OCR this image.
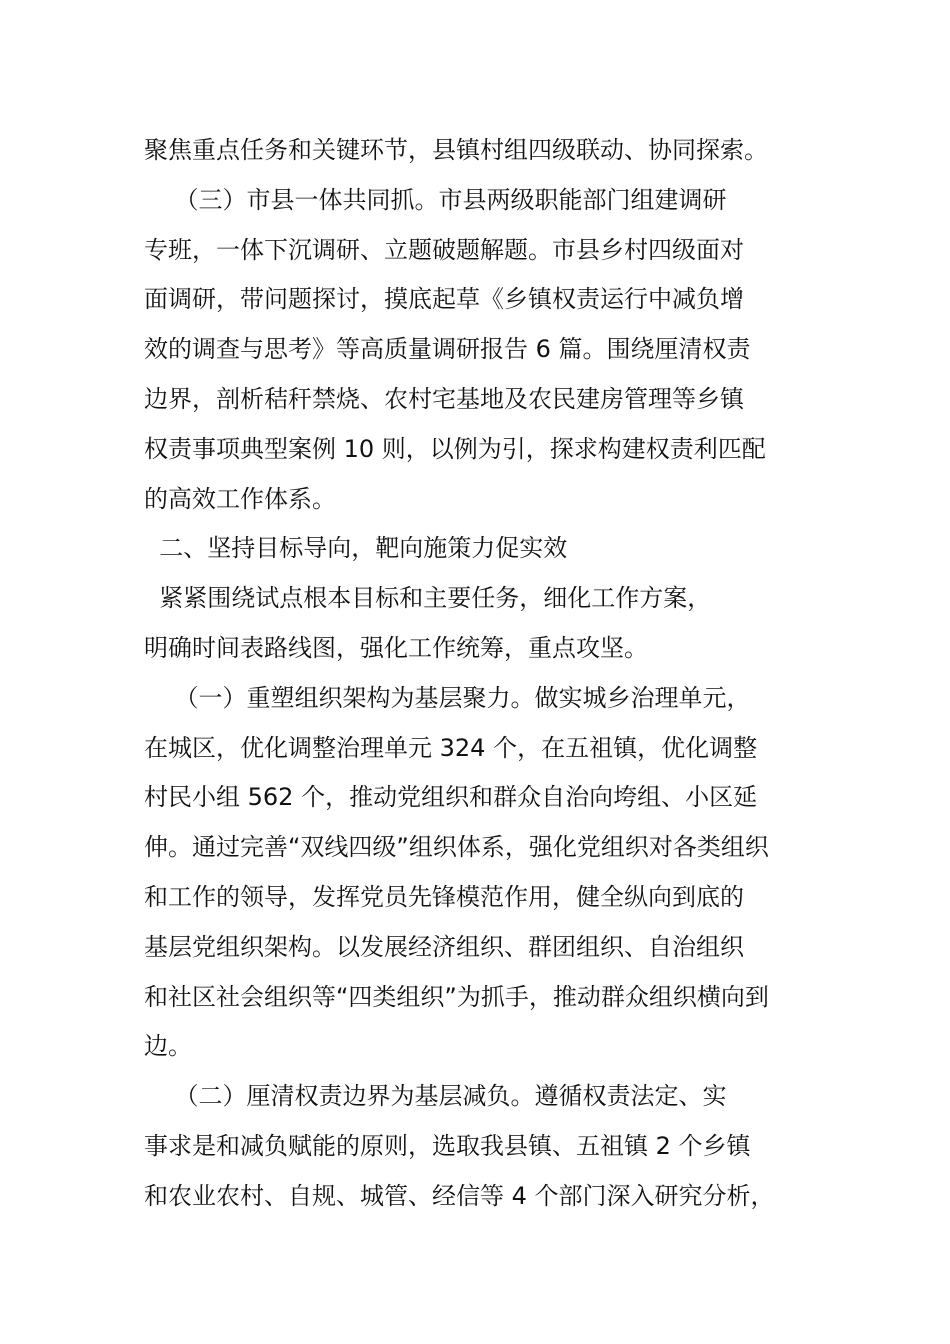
聚焦重点任务和关键环节，县镇村组四级联动、协同探索。
（三）市县一体共同抓。市县两级职能部门组建调研
专班，一体下沉调研、立题破题解题。市县乡村四级面对
面调研，带问题探讨，摸底起草《乡镇权责运行中减负增
效的调查与思考》等高质量调研报告 6 篇。围绕厘清权责
边界，剖析秸秆禁烧、农村宅基地及农民建房管理等乡镇
权责事项典型案例 10 则，以例为引，探求构建权责利匹配
的高效工作体系。
二、坚持目标导向，靶向施策力促实效
紧紧围绕试点根本目标和主要任务，细化工作方案，
明确时间表路线图，强化工作统筹，重点攻坚。
（一）重塑组织架构为基层聚力。做实城乡治理单元，
在城区，优化调整治理单元 324 个，在五祖镇，优化调整
村民小组 562 个，推动党组织和群众自治向垮组、小区延
伸。通过完善“双线四级”组织体系，强化党组织对各类组织
和工作的领导，发挥党员先锋模范作用，健全纵向到底的
基层党组织架构。以发展经济组织、群团组织、自治组织
和社区社会组织等“四类组织”为抓手，推动群众组织横向到
边。
（二）厘清权责边界为基层减负。遵循权责法定、实
事求是和减负赋能的原则，选取我县镇、五祖镇 2 个乡镇
和农业农村、自规、城管、经信等 4 个部门深入研究分析，
